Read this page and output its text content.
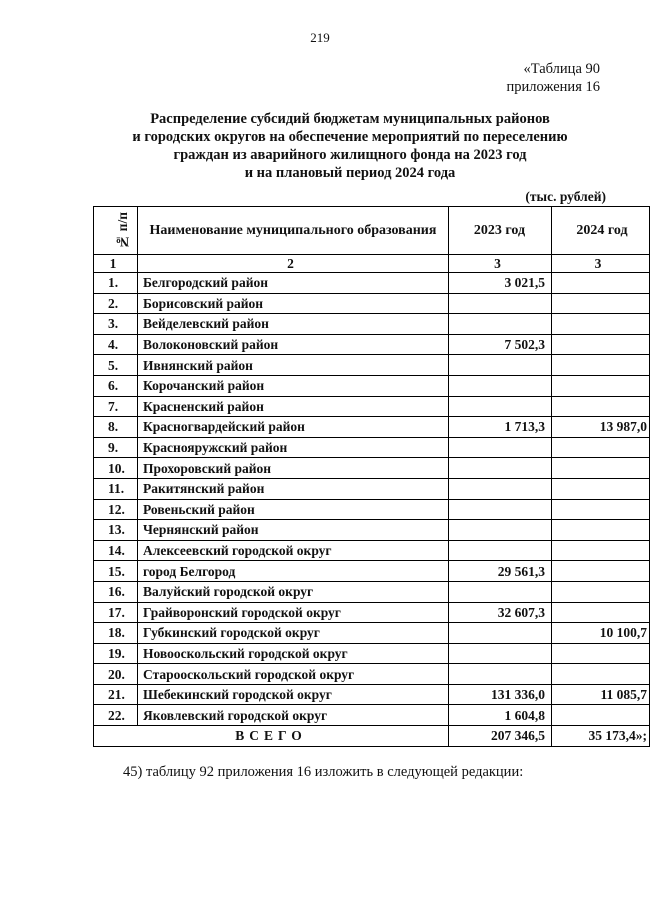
219
«Таблица 90
приложения 16
Распределение субсидий бюджетам муниципальных районов
и городских округов на обеспечение мероприятий по переселению
граждан из аварийного жилищного фонда на 2023 год
и на плановый период 2024 года
(тыс. рублей)
№ п/п	Наименование муниципального образования	2023 год	2024 год
1	2	3	3
1.	Белгородский район	3 021,5	
2.	Борисовский район		
3.	Вейделевский район		
4.	Волоконовский район	7 502,3	
5.	Ивнянский район		
6.	Корочанский район		
7.	Красненский район		
8.	Красногвардейский район	1 713,3	13 987,0
9.	Краснояружский район		
10.	Прохоровский район		
11.	Ракитянский район		
12.	Ровеньский район		
13.	Чернянский район		
14.	Алексеевский городской округ		
15.	город Белгород	29 561,3	
16.	Валуйский городской округ		
17.	Грайворонский городской округ	32 607,3	
18.	Губкинский городской округ		10 100,7
19.	Новооскольский городской округ		
20.	Старооскольский городской округ		
21.	Шебекинский городской округ	131 336,0	11 085,7
22.	Яковлевский городской округ	1 604,8	
ВСЕГО		207 346,5	35 173,4»;
45) таблицу 92 приложения 16 изложить в следующей редакции:
